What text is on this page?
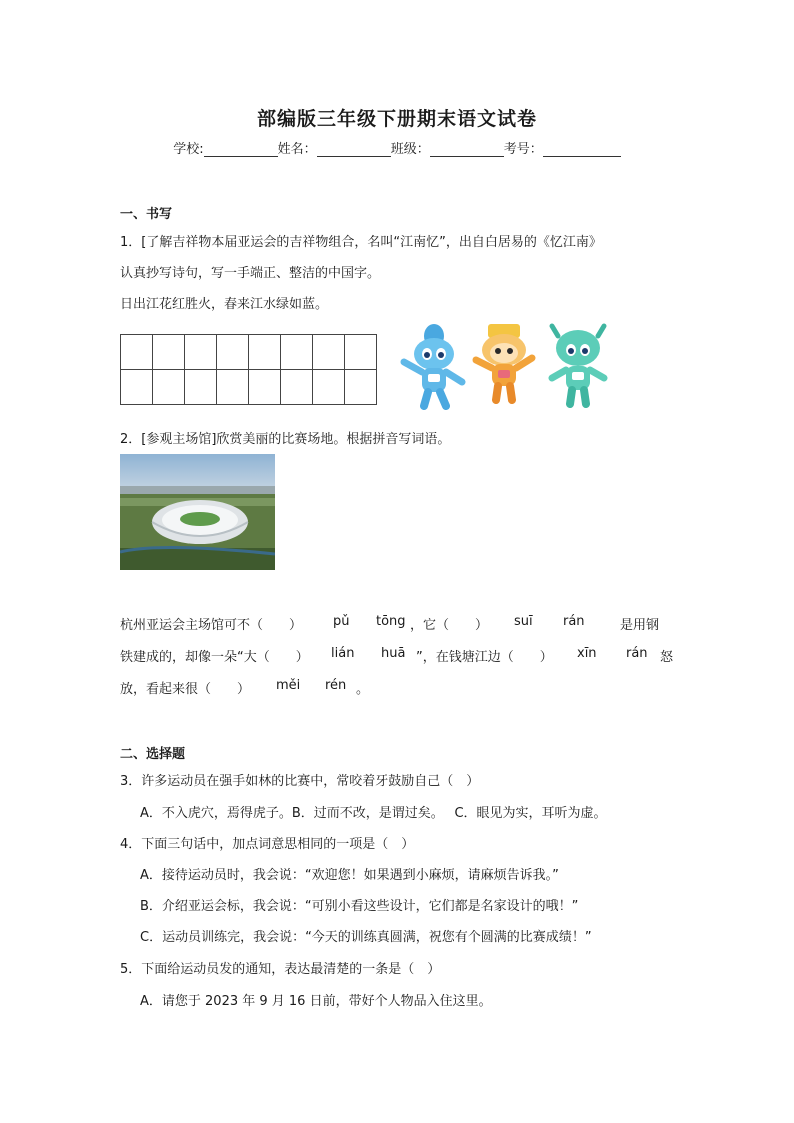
部编版三年级下册期末语文试卷
学校:	姓名：	班级：	考号：
一、书写
1．[了解吉祥物本届亚运会的吉祥物组合，名叫“江南忆”，出自白居易的《忆江南》
认真抄写诗句，写一手端正、整洁的中国字。
日出江花红胜火，春来江水绿如蓝。

2．[参观主场馆]欣赏美丽的比赛场地。根据拼音写词语。
杭州亚运会主场馆可不（　　） pǔ tōng ，它（　　） suī rán	是用钢
铁建成的，却像一朵“大（　　） lián huā ”，在钱塘江边（　　） xīn rán 怒
放，看起来很（　　） měi rén 。
二、选择题
3．许多运动员在强手如林的比赛中，常咬着牙鼓励自己（　）
A．不入虎穴，焉得虎子。B．过而不改，是谓过矣。　 C．眼见为实，耳听为虚。
4．下面三句话中，加点词意思相同的一项是（　）
A．接待运动员时，我会说：“欢迎您！如果遇到小麻烦，请麻烦告诉我。”
B．介绍亚运会标，我会说：“可别小看这些设计，它们都是名家设计的哦！”
C．运动员训练完，我会说：“今天的训练真圆满，祝您有个圆满的比赛成绩！”
5．下面给运动员发的通知，表达最清楚的一条是（　）
A．请您于 2023 年 9 月 16 日前，带好个人物品入住这里。
